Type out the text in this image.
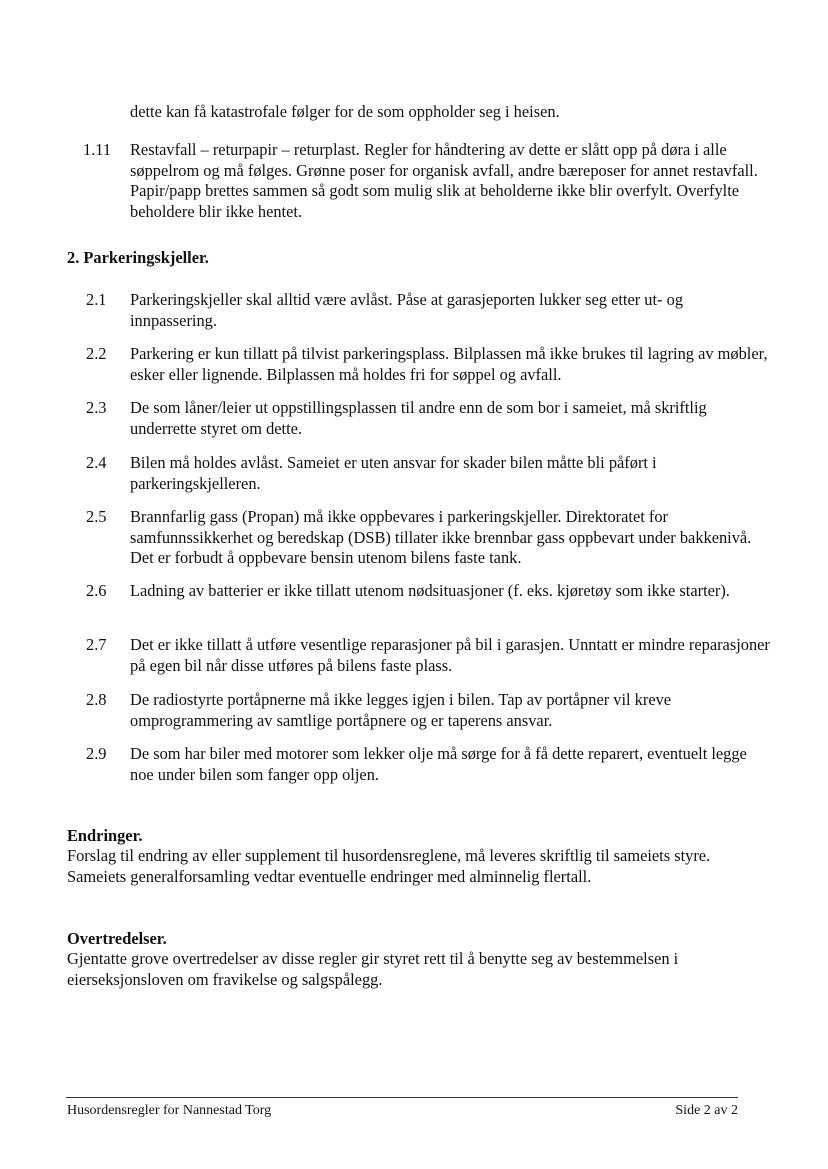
dette kan få katastrofale følger for de som oppholder seg i heisen.

1.11 Restavfall – returpapir – returplast. Regler for håndtering av dette er slått opp på døra i alle søppelrom og må følges. Grønne poser for organisk avfall, andre bæreposer for annet restavfall. Papir/papp brettes sammen så godt som mulig slik at beholderne ikke blir overfylt. Overfylte beholdere blir ikke hentet.

2. Parkeringskjeller.
2.1 Parkeringskjeller skal alltid være avlåst. Påse at garasjeporten lukker seg etter ut- og innpassering.

2.2 Parkering er kun tillatt på tilvist parkeringsplass. Bilplassen må ikke brukes til lagring av møbler, esker eller lignende. Bilplassen må holdes fri for søppel og avfall.

2.3 De som låner/leier ut oppstillingsplassen til andre enn de som bor i sameiet, må skriftlig underrette styret om dette.

2.4 Bilen må holdes avlåst. Sameiet er uten ansvar for skader bilen måtte bli påført i parkeringskjelleren.

2.5 Brannfarlig gass (Propan) må ikke oppbevares i parkeringskjeller. Direktoratet for samfunnssikkerhet og beredskap (DSB) tillater ikke brennbar gass oppbevart under bakkenivå. Det er forbudt å oppbevare bensin utenom bilens faste tank.

2.6 Ladning av batterier er ikke tillatt utenom nødsituasjoner (f. eks. kjøretøy som ikke starter).

2.7 Det er ikke tillatt å utføre vesentlige reparasjoner på bil i garasjen. Unntatt er mindre reparasjoner på egen bil når disse utføres på bilens faste plass.

2.8 De radiostyrte portåpnerne må ikke legges igjen i bilen. Tap av portåpner vil kreve omprogrammering av samtlige portåpnere og er taperens ansvar.

2.9 De som har biler med motorer som lekker olje må sørge for å få dette reparert, eventuelt legge noe under bilen som fanger opp oljen.

Endringer.

Forslag til endring av eller supplement til husordensreglene, må leveres skriftlig til sameiets styre. Sameiets generalforsamling vedtar eventuelle endringer med alminnelig flertall.

Overtredelser.

Gjentatte grove overtredelser av disse regler gir styret rett til å benytte seg av bestemmelsen i eierseksjonsloven om fravikelse og salgspålegg.

Husordensregler for Nannestad Torg	Side 2 av 2
